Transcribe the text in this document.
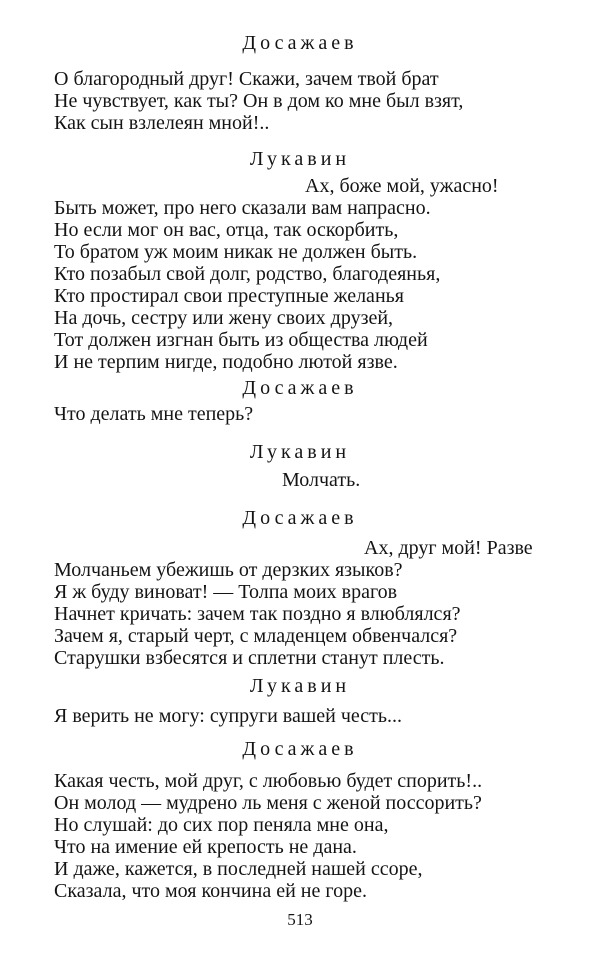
Досажаев
О благородный друг! Скажи, зачем твой брат
Не чувствует, как ты? Он в дом ко мне был взят,
Как сын взлелеян мной!..
Лукавин
Ах, боже мой, ужасно!
Быть может, про него сказали вам напрасно.
Но если мог он вас, отца, так оскорбить,
То братом уж моим никак не должен быть.
Кто позабыл свой долг, родство, благодеянья,
Кто простирал свои преступные желанья
На дочь, сестру или жену своих друзей,
Тот должен изгнан быть из общества людей
И не терпим нигде, подобно лютой язве.
Досажаев
Что делать мне теперь?
Лукавин
Молчать.
Досажаев
Ах, друг мой! Разве
Молчаньем убежишь от дерзких языков?
Я ж буду виноват! — Толпа моих врагов
Начнет кричать: зачем так поздно я влюблялся?
Зачем я, старый черт, с младенцем обвенчался?
Старушки взбесятся и сплетни станут плесть.
Лукавин
Я верить не могу: супруги вашей честь...
Досажаев
Какая честь, мой друг, с любовью будет спорить!..
Он молод — мудрено ль меня с женой поссорить?
Но слушай: до сих пор пеняла мне она,
Что на имение ей крепость не дана.
И даже, кажется, в последней нашей ссоре,
Сказала, что моя кончина ей не горе.
513
